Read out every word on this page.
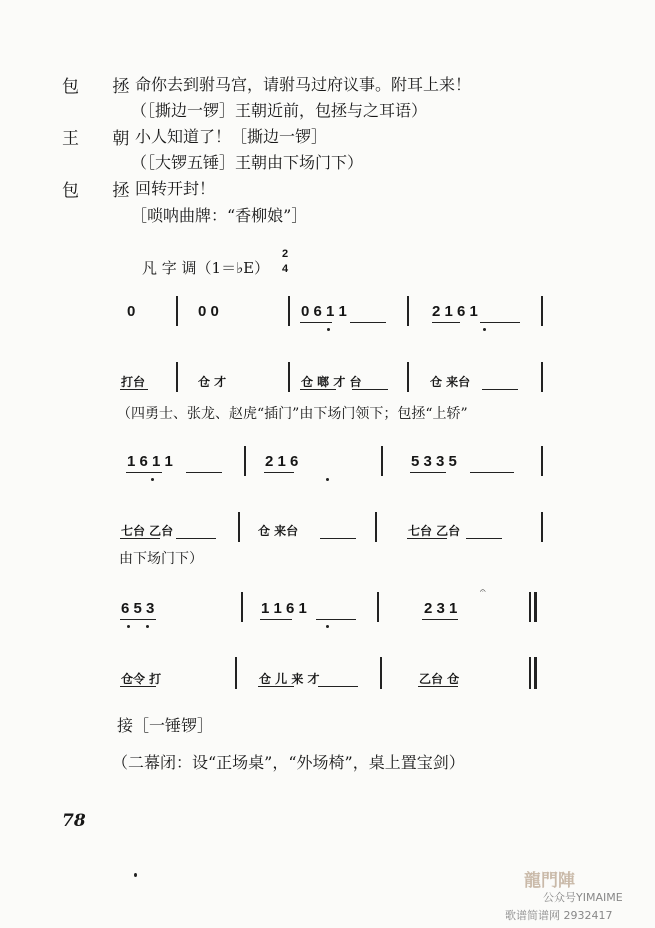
包 拯
命你去到驸马宫，请驸马过府议事。附耳上来！
（［撕边一锣］王朝近前，包拯与之耳语）
王 朝
小人知道了！［撕边一锣］
（［大锣五锤］王朝由下场门下）
包 拯
回转开封！
［唢呐曲牌：“香柳娘”］
凡 字 调（1＝♭E）
2
4
0	0 0	0 6 1 1	2 1 6 1
打台	仓 才	仓 啷 才 台	仓 来台
（四勇士、张龙、赵虎“插门”由下场门领下；包拯“上轿”
1 6 1 1	2 1 6	5 3 3 5
七台 乙台	仓 来台	七台 乙台
由下场门下）
6 5 3	1 1 6 1	2 3 1
𝄐
仓令 打	仓 儿 来 才	乙台 仓
接［一锤锣］
（二幕闭：设“正场桌”，“外场椅”，桌上置宝剑）
78
龍門陣
公众号YIMAIME
歌谱简谱网 2932417
